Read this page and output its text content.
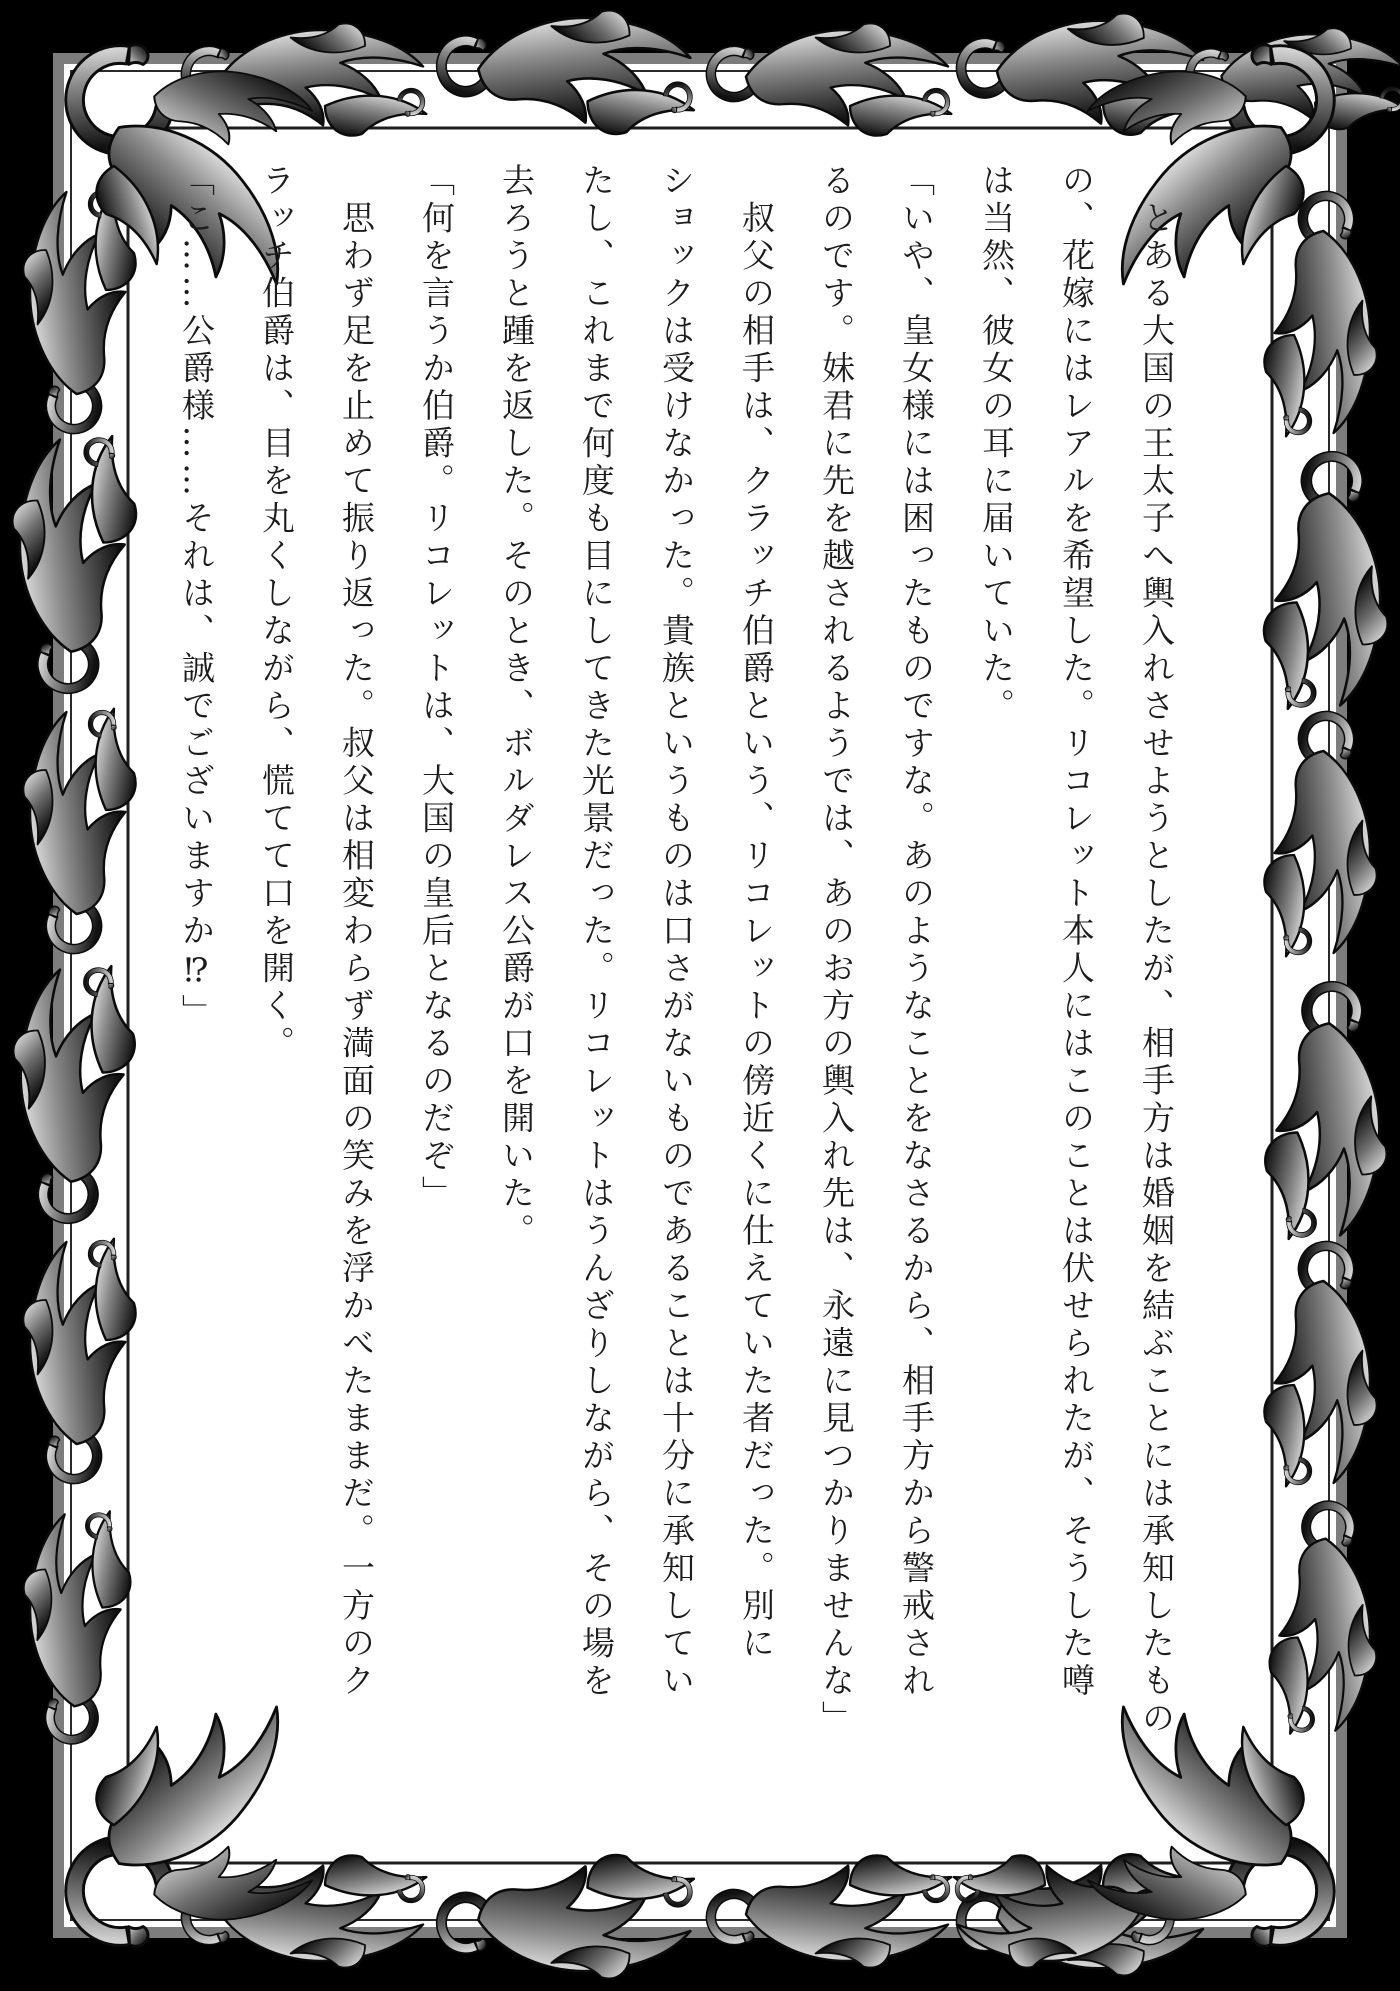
　とある大国の王太子へ輿入れさせようとしたが、相手方は婚姻を結ぶことには承知したもの
の、花嫁にはレアルを希望した。リコレット本人にはこのことは伏せられたが、そうした噂
は当然、彼女の耳に届いていた。
「いや、皇女様には困ったものですな。あのようなことをなさるから、相手方から警戒され
るのです。妹君に先を越されるようでは、あのお方の輿入れ先は、永遠に見つかりませんな」
　叔父の相手は、クラッチ伯爵という、リコレットの傍近くに仕えていた者だった。別に
ショックは受けなかった。貴族というものは口さがないものであることは十分に承知してい
たし、これまで何度も目にしてきた光景だった。リコレットはうんざりしながら、その場を
去ろうと踵を返した。そのとき、ボルダレス公爵が口を開いた。
「何を言うか伯爵。リコレットは、大国の皇后となるのだぞ」
　思わず足を止めて振り返った。叔父は相変わらず満面の笑みを浮かべたままだ。一方のク
ラッチ伯爵は、目を丸くしながら、慌てて口を開く。
「こ……公爵様……それは、誠でございますか⁉」
